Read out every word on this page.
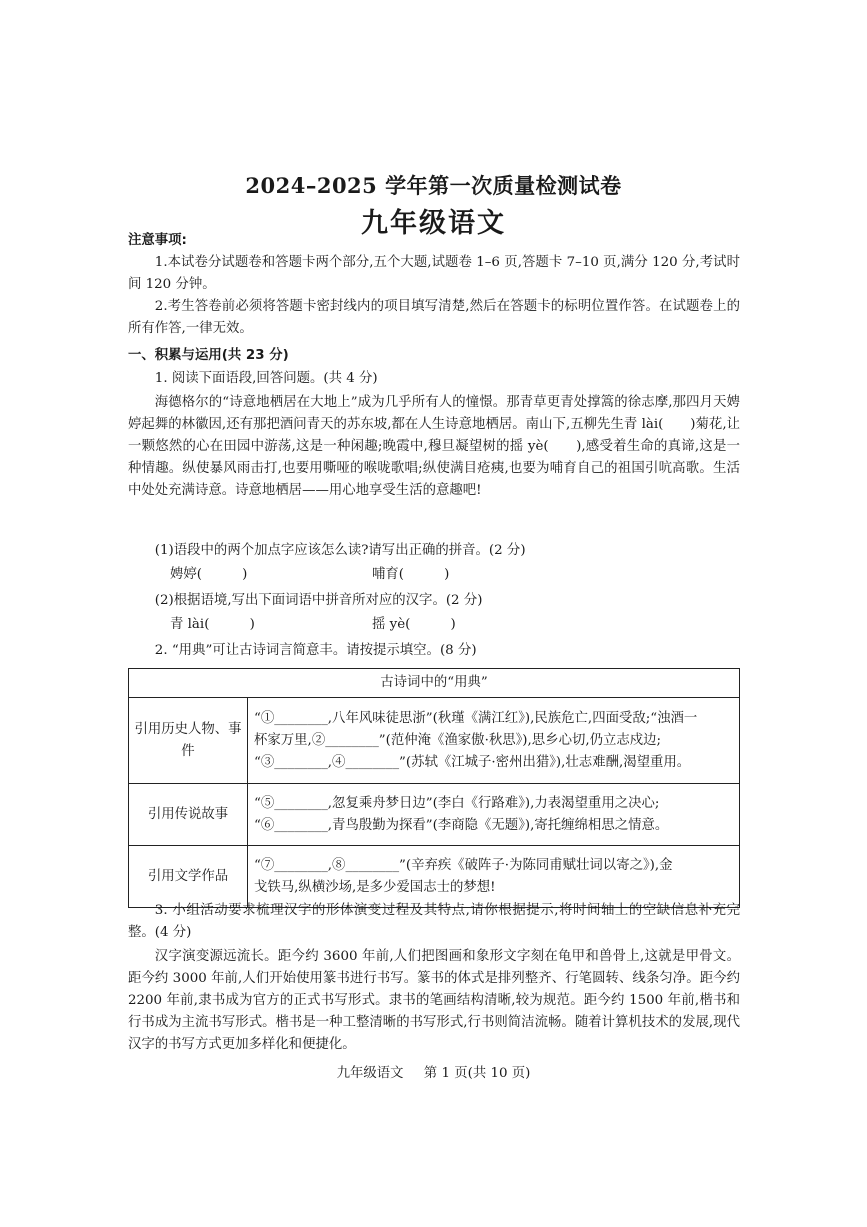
2024–2025 学年第一次质量检测试卷
九年级语文
注意事项:
1.本试卷分试题卷和答题卡两个部分,五个大题,试题卷 1–6 页,答题卡 7–10 页,满分 120 分,考试时间 120 分钟。
2.考生答卷前必须将答题卡密封线内的项目填写清楚,然后在答题卡的标明位置作答。在试题卷上的所有作答,一律无效。
一、积累与运用(共 23 分)
1. 阅读下面语段,回答问题。(共 4 分)
海德格尔的“诗意地栖居在大地上”成为几乎所有人的憧憬。那青草更青处撑篙的徐志摩,那四月天娉婷起舞的林徽因,还有那把酒问青天的苏东坡,都在人生诗意地栖居。南山下,五柳先生青 lài(　　)菊花,让一颗悠然的心在田园中游荡,这是一种闲趣;晚霞中,穆旦凝望树的摇 yè(　　),感受着生命的真谛,这是一种情趣。纵使暴风雨击打,也要用嘶哑的喉咙歌唱;纵使满目疮痍,也要为哺育自己的祖国引吭高歌。生活中处处充满诗意。诗意地栖居——用心地享受生活的意趣吧!
(1)语段中的两个加点字应该怎么读?请写出正确的拼音。(2 分)
娉婷(　　　)	哺育(　　　)
(2)根据语境,写出下面词语中拼音所对应的汉字。(2 分)
青 lài(　　　)	摇 yè(　　　)
2. “用典”可让古诗词言简意丰。请按提示填空。(8 分)
古诗词中的“用典”	
引用历史人物、事件	“①________,八年风味徒思浙”(秋瑾《满江红》),民族危亡,四面受敌;“浊酒一
杯家万里,②________”(范仲淹《渔家傲·秋思》),思乡心切,仍立志戍边;
“③________,④________”(苏轼《江城子·密州出猎》),壮志难酬,渴望重用。

引用传说故事	“⑤________,忽复乘舟梦日边”(李白《行路难》),力表渴望重用之决心;
“⑥________,青鸟殷勤为探看”(李商隐《无题》),寄托缠绵相思之情意。

引用文学作品	“⑦________,⑧________”(辛弃疾《破阵子·为陈同甫赋壮词以寄之》),金
戈铁马,纵横沙场,是多少爱国志士的梦想!
3. 小组活动要求梳理汉字的形体演变过程及其特点,请你根据提示,将时间轴上的空缺信息补充完整。(4 分)
汉字演变源远流长。距今约 3600 年前,人们把图画和象形文字刻在龟甲和兽骨上,这就是甲骨文。距今约 3000 年前,人们开始使用篆书进行书写。篆书的体式是排列整齐、行笔圆转、线条匀净。距今约 2200 年前,隶书成为官方的正式书写形式。隶书的笔画结构清晰,较为规范。距今约 1500 年前,楷书和行书成为主流书写形式。楷书是一种工整清晰的书写形式,行书则简洁流畅。随着计算机技术的发展,现代汉字的书写方式更加多样化和便捷化。
九年级语文 第 1 页(共 10 页)
